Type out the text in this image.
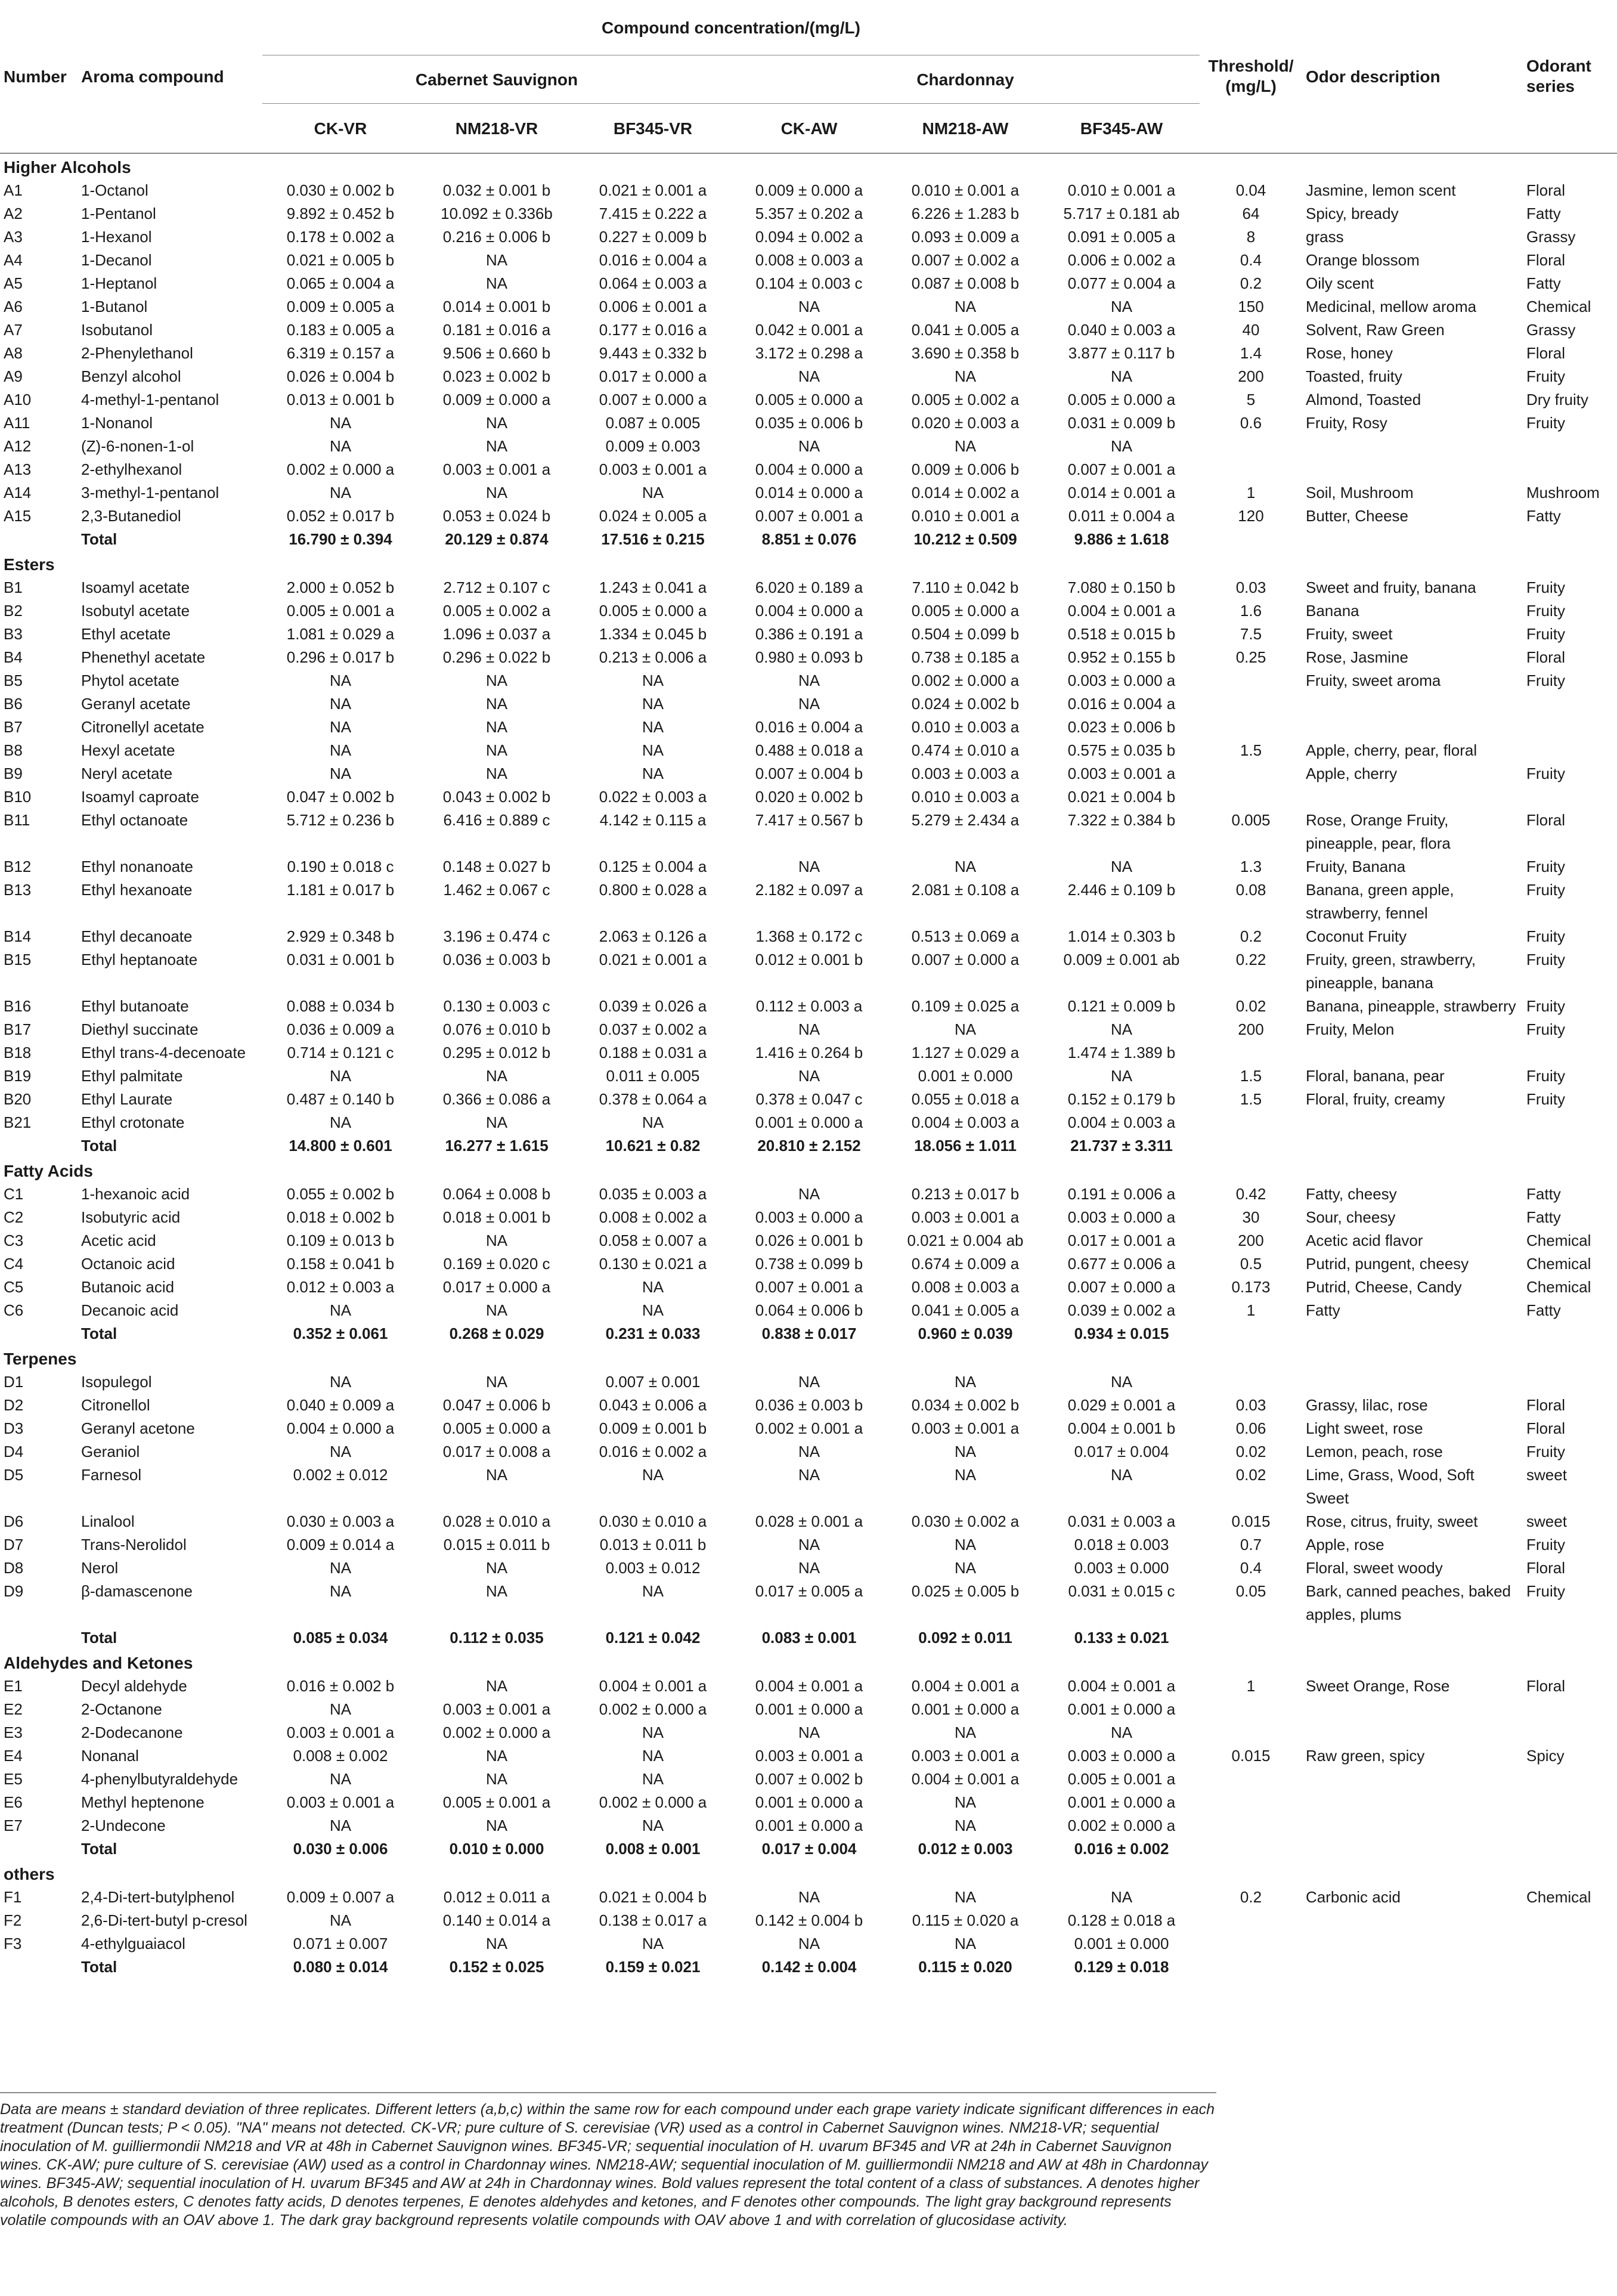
Number	Aroma compound	Compound concentration/(mg/L)						Threshold/ (mg/L)	Odor description	Odorant series
		Cabernet Sauvignon			Chardonnay					
		CK-VR	NM218-VR	BF345-VR	CK-AW	NM218-AW	BF345-AW			

Higher Alcohols										
A1	1-Octanol	0.030 ± 0.002 b	0.032 ± 0.001 b	0.021 ± 0.001 a	0.009 ± 0.000 a	0.010 ± 0.001 a	0.010 ± 0.001 a	0.04	Jasmine, lemon scent	Floral
A2	1-Pentanol	9.892 ± 0.452 b	10.092 ± 0.336b	7.415 ± 0.222 a	5.357 ± 0.202 a	6.226 ± 1.283 b	5.717 ± 0.181 ab	64	Spicy, bready	Fatty
A3	1-Hexanol	0.178 ± 0.002 a	0.216 ± 0.006 b	0.227 ± 0.009 b	0.094 ± 0.002 a	0.093 ± 0.009 a	0.091 ± 0.005 a	8	grass	Grassy
A4	1-Decanol	0.021 ± 0.005 b	NA	0.016 ± 0.004 a	0.008 ± 0.003 a	0.007 ± 0.002 a	0.006 ± 0.002 a	0.4	Orange blossom	Floral
A5	1-Heptanol	0.065 ± 0.004 a	NA	0.064 ± 0.003 a	0.104 ± 0.003 c	0.087 ± 0.008 b	0.077 ± 0.004 a	0.2	Oily scent	Fatty
A6	1-Butanol	0.009 ± 0.005 a	0.014 ± 0.001 b	0.006 ± 0.001 a	NA	NA	NA	150	Medicinal, mellow aroma	Chemical
A7	Isobutanol	0.183 ± 0.005 a	0.181 ± 0.016 a	0.177 ± 0.016 a	0.042 ± 0.001 a	0.041 ± 0.005 a	0.040 ± 0.003 a	40	Solvent, Raw Green	Grassy
A8	2-Phenylethanol	6.319 ± 0.157 a	9.506 ± 0.660 b	9.443 ± 0.332 b	3.172 ± 0.298 a	3.690 ± 0.358 b	3.877 ± 0.117 b	1.4	Rose, honey	Floral
A9	Benzyl alcohol	0.026 ± 0.004 b	0.023 ± 0.002 b	0.017 ± 0.000 a	NA	NA	NA	200	Toasted, fruity	Fruity
A10	4-methyl-1-pentanol	0.013 ± 0.001 b	0.009 ± 0.000 a	0.007 ± 0.000 a	0.005 ± 0.000 a	0.005 ± 0.002 a	0.005 ± 0.000 a	5	Almond, Toasted	Dry fruity
A11	1-Nonanol	NA	NA	0.087 ± 0.005	0.035 ± 0.006 b	0.020 ± 0.003 a	0.031 ± 0.009 b	0.6	Fruity, Rosy	Fruity
A12	(Z)-6-nonen-1-ol	NA	NA	0.009 ± 0.003	NA	NA	NA			
A13	2-ethylhexanol	0.002 ± 0.000 a	0.003 ± 0.001 a	0.003 ± 0.001 a	0.004 ± 0.000 a	0.009 ± 0.006 b	0.007 ± 0.001 a			
A14	3-methyl-1-pentanol	NA	NA	NA	0.014 ± 0.000 a	0.014 ± 0.002 a	0.014 ± 0.001 a	1	Soil, Mushroom	Mushroom
A15	2,3-Butanediol	0.052 ± 0.017 b	0.053 ± 0.024 b	0.024 ± 0.005 a	0.007 ± 0.001 a	0.010 ± 0.001 a	0.011 ± 0.004 a	120	Butter, Cheese	Fatty
	Total	16.790 ± 0.394	20.129 ± 0.874	17.516 ± 0.215	8.851 ± 0.076	10.212 ± 0.509	9.886 ± 1.618			
Esters										
B1	Isoamyl acetate	2.000 ± 0.052 b	2.712 ± 0.107 c	1.243 ± 0.041 a	6.020 ± 0.189 a	7.110 ± 0.042 b	7.080 ± 0.150 b	0.03	Sweet and fruity, banana	Fruity
B2	Isobutyl acetate	0.005 ± 0.001 a	0.005 ± 0.002 a	0.005 ± 0.000 a	0.004 ± 0.000 a	0.005 ± 0.000 a	0.004 ± 0.001 a	1.6	Banana	Fruity
B3	Ethyl acetate	1.081 ± 0.029 a	1.096 ± 0.037 a	1.334 ± 0.045 b	0.386 ± 0.191 a	0.504 ± 0.099 b	0.518 ± 0.015 b	7.5	Fruity, sweet	Fruity
B4	Phenethyl acetate	0.296 ± 0.017 b	0.296 ± 0.022 b	0.213 ± 0.006 a	0.980 ± 0.093 b	0.738 ± 0.185 a	0.952 ± 0.155 b	0.25	Rose, Jasmine	Floral
B5	Phytol acetate	NA	NA	NA	NA	0.002 ± 0.000 a	0.003 ± 0.000 a		Fruity, sweet aroma	Fruity
B6	Geranyl acetate	NA	NA	NA	NA	0.024 ± 0.002 b	0.016 ± 0.004 a			
B7	Citronellyl acetate	NA	NA	NA	0.016 ± 0.004 a	0.010 ± 0.003 a	0.023 ± 0.006 b			
B8	Hexyl acetate	NA	NA	NA	0.488 ± 0.018 a	0.474 ± 0.010 a	0.575 ± 0.035 b	1.5	Apple, cherry, pear, floral	
B9	Neryl acetate	NA	NA	NA	0.007 ± 0.004 b	0.003 ± 0.003 a	0.003 ± 0.001 a		Apple, cherry	Fruity
B10	Isoamyl caproate	0.047 ± 0.002 b	0.043 ± 0.002 b	0.022 ± 0.003 a	0.020 ± 0.002 b	0.010 ± 0.003 a	0.021 ± 0.004 b			
B11	Ethyl octanoate	5.712 ± 0.236 b	6.416 ± 0.889 c	4.142 ± 0.115 a	7.417 ± 0.567 b	5.279 ± 2.434 a	7.322 ± 0.384 b	0.005	Rose, Orange Fruity, pineapple, pear, flora	Floral
B12	Ethyl nonanoate	0.190 ± 0.018 c	0.148 ± 0.027 b	0.125 ± 0.004 a	NA	NA	NA	1.3	Fruity, Banana	Fruity
B13	Ethyl hexanoate	1.181 ± 0.017 b	1.462 ± 0.067 c	0.800 ± 0.028 a	2.182 ± 0.097 a	2.081 ± 0.108 a	2.446 ± 0.109 b	0.08	Banana, green apple, strawberry, fennel	Fruity
B14	Ethyl decanoate	2.929 ± 0.348 b	3.196 ± 0.474 c	2.063 ± 0.126 a	1.368 ± 0.172 c	0.513 ± 0.069 a	1.014 ± 0.303 b	0.2	Coconut Fruity	Fruity
B15	Ethyl heptanoate	0.031 ± 0.001 b	0.036 ± 0.003 b	0.021 ± 0.001 a	0.012 ± 0.001 b	0.007 ± 0.000 a	0.009 ± 0.001 ab	0.22	Fruity, green, strawberry, pineapple, banana	Fruity
B16	Ethyl butanoate	0.088 ± 0.034 b	0.130 ± 0.003 c	0.039 ± 0.026 a	0.112 ± 0.003 a	0.109 ± 0.025 a	0.121 ± 0.009 b	0.02	Banana, pineapple, strawberry	Fruity
B17	Diethyl succinate	0.036 ± 0.009 a	0.076 ± 0.010 b	0.037 ± 0.002 a	NA	NA	NA	200	Fruity, Melon	Fruity
B18	Ethyl trans-4-decenoate	0.714 ± 0.121 c	0.295 ± 0.012 b	0.188 ± 0.031 a	1.416 ± 0.264 b	1.127 ± 0.029 a	1.474 ± 1.389 b			
B19	Ethyl palmitate	NA	NA	0.011 ± 0.005	NA	0.001 ± 0.000	NA	1.5	Floral, banana, pear	Fruity
B20	Ethyl Laurate	0.487 ± 0.140 b	0.366 ± 0.086 a	0.378 ± 0.064 a	0.378 ± 0.047 c	0.055 ± 0.018 a	0.152 ± 0.179 b	1.5	Floral, fruity, creamy	Fruity
B21	Ethyl crotonate	NA	NA	NA	0.001 ± 0.000 a	0.004 ± 0.003 a	0.004 ± 0.003 a			
	Total	14.800 ± 0.601	16.277 ± 1.615	10.621 ± 0.82	20.810 ± 2.152	18.056 ± 1.011	21.737 ± 3.311			
Fatty Acids										
C1	1-hexanoic acid	0.055 ± 0.002 b	0.064 ± 0.008 b	0.035 ± 0.003 a	NA	0.213 ± 0.017 b	0.191 ± 0.006 a	0.42	Fatty, cheesy	Fatty
C2	Isobutyric acid	0.018 ± 0.002 b	0.018 ± 0.001 b	0.008 ± 0.002 a	0.003 ± 0.000 a	0.003 ± 0.001 a	0.003 ± 0.000 a	30	Sour, cheesy	Fatty
C3	Acetic acid	0.109 ± 0.013 b	NA	0.058 ± 0.007 a	0.026 ± 0.001 b	0.021 ± 0.004 ab	0.017 ± 0.001 a	200	Acetic acid flavor	Chemical
C4	Octanoic acid	0.158 ± 0.041 b	0.169 ± 0.020 c	0.130 ± 0.021 a	0.738 ± 0.099 b	0.674 ± 0.009 a	0.677 ± 0.006 a	0.5	Putrid, pungent, cheesy	Chemical
C5	Butanoic acid	0.012 ± 0.003 a	0.017 ± 0.000 a	NA	0.007 ± 0.001 a	0.008 ± 0.003 a	0.007 ± 0.000 a	0.173	Putrid, Cheese, Candy	Chemical
C6	Decanoic acid	NA	NA	NA	0.064 ± 0.006 b	0.041 ± 0.005 a	0.039 ± 0.002 a	1	Fatty	Fatty
	Total	0.352 ± 0.061	0.268 ± 0.029	0.231 ± 0.033	0.838 ± 0.017	0.960 ± 0.039	0.934 ± 0.015			
Terpenes										
D1	Isopulegol	NA	NA	0.007 ± 0.001	NA	NA	NA			
D2	Citronellol	0.040 ± 0.009 a	0.047 ± 0.006 b	0.043 ± 0.006 a	0.036 ± 0.003 b	0.034 ± 0.002 b	0.029 ± 0.001 a	0.03	Grassy, lilac, rose	Floral
D3	Geranyl acetone	0.004 ± 0.000 a	0.005 ± 0.000 a	0.009 ± 0.001 b	0.002 ± 0.001 a	0.003 ± 0.001 a	0.004 ± 0.001 b	0.06	Light sweet, rose	Floral
D4	Geraniol	NA	0.017 ± 0.008 a	0.016 ± 0.002 a	NA	NA	0.017 ± 0.004	0.02	Lemon, peach, rose	Fruity
D5	Farnesol	0.002 ± 0.012	NA	NA	NA	NA	NA	0.02	Lime, Grass, Wood, Soft Sweet	sweet
D6	Linalool	0.030 ± 0.003 a	0.028 ± 0.010 a	0.030 ± 0.010 a	0.028 ± 0.001 a	0.030 ± 0.002 a	0.031 ± 0.003 a	0.015	Rose, citrus, fruity, sweet	sweet
D7	Trans-Nerolidol	0.009 ± 0.014 a	0.015 ± 0.011 b	0.013 ± 0.011 b	NA	NA	0.018 ± 0.003	0.7	Apple, rose	Fruity
D8	Nerol	NA	NA	0.003 ± 0.012	NA	NA	0.003 ± 0.000	0.4	Floral, sweet woody	Floral
D9	β-damascenone	NA	NA	NA	0.017 ± 0.005 a	0.025 ± 0.005 b	0.031 ± 0.015 c	0.05	Bark, canned peaches, baked apples, plums	Fruity
	Total	0.085 ± 0.034	0.112 ± 0.035	0.121 ± 0.042	0.083 ± 0.001	0.092 ± 0.011	0.133 ± 0.021			
Aldehydes and Ketones										
E1	Decyl aldehyde	0.016 ± 0.002 b	NA	0.004 ± 0.001 a	0.004 ± 0.001 a	0.004 ± 0.001 a	0.004 ± 0.001 a	1	Sweet Orange, Rose	Floral
E2	2-Octanone	NA	0.003 ± 0.001 a	0.002 ± 0.000 a	0.001 ± 0.000 a	0.001 ± 0.000 a	0.001 ± 0.000 a			
E3	2-Dodecanone	0.003 ± 0.001 a	0.002 ± 0.000 a	NA	NA	NA	NA			
E4	Nonanal	0.008 ± 0.002	NA	NA	0.003 ± 0.001 a	0.003 ± 0.001 a	0.003 ± 0.000 a	0.015	Raw green, spicy	Spicy
E5	4-phenylbutyraldehyde	NA	NA	NA	0.007 ± 0.002 b	0.004 ± 0.001 a	0.005 ± 0.001 a			
E6	Methyl heptenone	0.003 ± 0.001 a	0.005 ± 0.001 a	0.002 ± 0.000 a	0.001 ± 0.000 a	NA	0.001 ± 0.000 a			
E7	2-Undecone	NA	NA	NA	0.001 ± 0.000 a	NA	0.002 ± 0.000 a			
	Total	0.030 ± 0.006	0.010 ± 0.000	0.008 ± 0.001	0.017 ± 0.004	0.012 ± 0.003	0.016 ± 0.002			
others										
F1	2,4-Di-tert-butylphenol	0.009 ± 0.007 a	0.012 ± 0.011 a	0.021 ± 0.004 b	NA	NA	NA	0.2	Carbonic acid	Chemical
F2	2,6-Di-tert-butyl p-cresol	NA	0.140 ± 0.014 a	0.138 ± 0.017 a	0.142 ± 0.004 b	0.115 ± 0.020 a	0.128 ± 0.018 a			
F3	4-ethylguaiacol	0.071 ± 0.007	NA	NA	NA	NA	0.001 ± 0.000			
	Total	0.080 ± 0.014	0.152 ± 0.025	0.159 ± 0.021	0.142 ± 0.004	0.115 ± 0.020	0.129 ± 0.018			
Data are means ± standard deviation of three replicates. Different letters (a,b,c) within the same row for each compound under each grape variety indicate significant differences in each treatment (Duncan tests; P < 0.05). "NA" means not detected. CK-VR; pure culture of S. cerevisiae (VR) used as a control in Cabernet Sauvignon wines. NM218-VR; sequential inoculation of M. guilliermondii NM218 and VR at 48h in Cabernet Sauvignon wines. BF345-VR; sequential inoculation of H. uvarum BF345 and VR at 24h in Cabernet Sauvignon wines. CK-AW; pure culture of S. cerevisiae (AW) used as a control in Chardonnay wines. NM218-AW; sequential inoculation of M. guilliermondii NM218 and AW at 48h in Chardonnay wines. BF345-AW; sequential inoculation of H. uvarum BF345 and AW at 24h in Chardonnay wines. Bold values represent the total content of a class of substances. A denotes higher alcohols, B denotes esters, C denotes fatty acids, D denotes terpenes, E denotes aldehydes and ketones, and F denotes other compounds. The light gray background represents volatile compounds with an OAV above 1. The dark gray background represents volatile compounds with OAV above 1 and with correlation of glucosidase activity.
